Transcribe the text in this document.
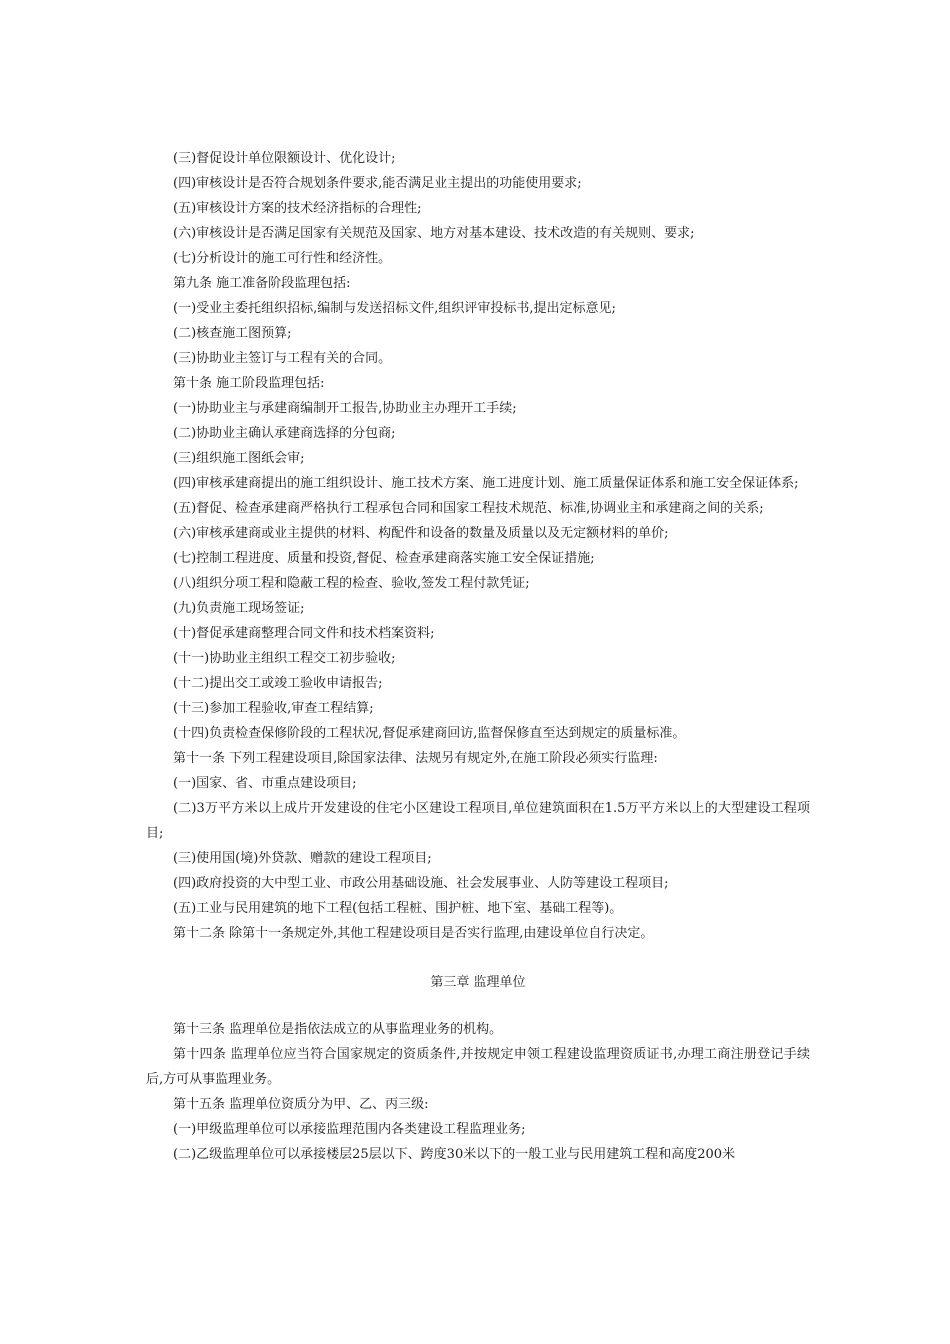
(三)督促设计单位限额设计、优化设计;

(四)审核设计是否符合规划条件要求,能否满足业主提出的功能使用要求;

(五)审核设计方案的技术经济指标的合理性;

(六)审核设计是否满足国家有关规范及国家、地方对基本建设、技术改造的有关规则、要求;

(七)分析设计的施工可行性和经济性。

第九条 施工准备阶段监理包括:

(一)受业主委托组织招标,编制与发送招标文件,组织评审投标书,提出定标意见;

(二)核查施工图预算;

(三)协助业主签订与工程有关的合同。

第十条 施工阶段监理包括:

(一)协助业主与承建商编制开工报告,协助业主办理开工手续;

(二)协助业主确认承建商选择的分包商;

(三)组织施工图纸会审;

(四)审核承建商提出的施工组织设计、施工技术方案、施工进度计划、施工质量保证体系和施工安全保证体系;

(五)督促、检查承建商严格执行工程承包合同和国家工程技术规范、标准,协调业主和承建商之间的关系;

(六)审核承建商或业主提供的材料、构配件和设备的数量及质量以及无定额材料的单价;

(七)控制工程进度、质量和投资,督促、检查承建商落实施工安全保证措施;

(八)组织分项工程和隐蔽工程的检查、验收,签发工程付款凭证;

(九)负责施工现场签证;

(十)督促承建商整理合同文件和技术档案资料;

(十一)协助业主组织工程交工初步验收;

(十二)提出交工或竣工验收申请报告;

(十三)参加工程验收,审查工程结算;

(十四)负责检查保修阶段的工程状况,督促承建商回访,监督保修直至达到规定的质量标准。

第十一条 下列工程建设项目,除国家法律、法规另有规定外,在施工阶段必须实行监理:

(一)国家、省、市重点建设项目;

(二)3万平方米以上成片开发建设的住宅小区建设工程项目,单位建筑面积在1.5万平方米以上的大型建设工程项目;

(三)使用国(境)外贷款、赠款的建设工程项目;

(四)政府投资的大中型工业、市政公用基础设施、社会发展事业、人防等建设工程项目;

(五)工业与民用建筑的地下工程(包括工程桩、围护桩、地下室、基础工程等)。

第十二条 除第十一条规定外,其他工程建设项目是否实行监理,由建设单位自行决定。

第三章 监理单位

第十三条 监理单位是指依法成立的从事监理业务的机构。

第十四条 监理单位应当符合国家规定的资质条件,并按规定申领工程建设监理资质证书,办理工商注册登记手续后,方可从事监理业务。

第十五条 监理单位资质分为甲、乙、丙三级:

(一)甲级监理单位可以承接监理范围内各类建设工程监理业务;

(二)乙级监理单位可以承接楼层25层以下、跨度30米以下的一般工业与民用建筑工程和高度200米
